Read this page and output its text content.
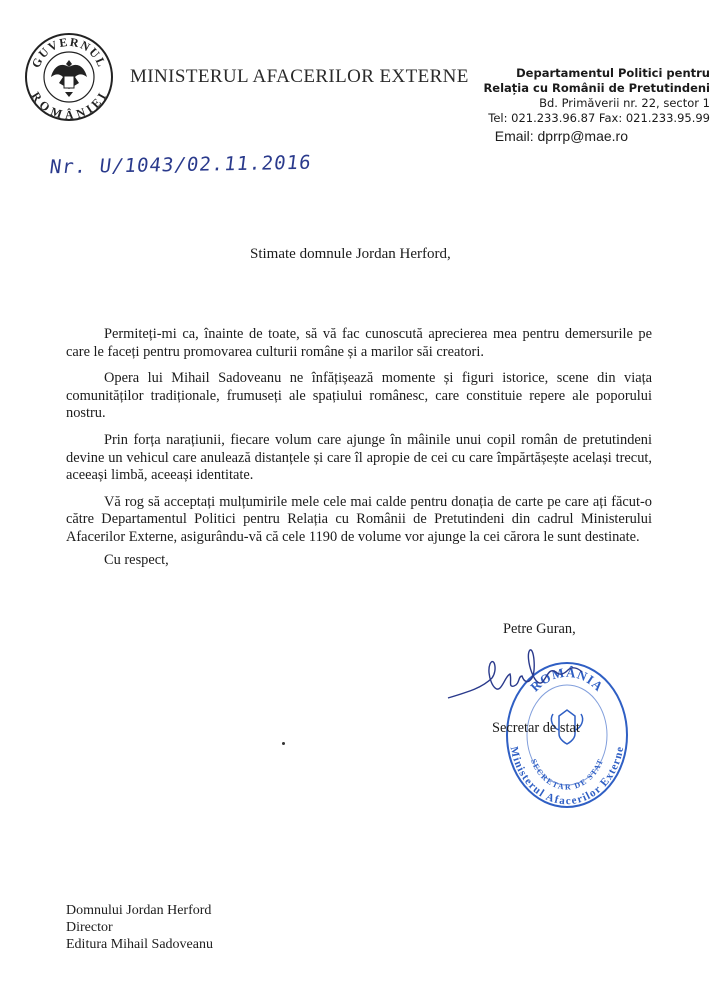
GUVERNUL
ROMÂNIEI
MINISTERUL AFACERILOR EXTERNE	Departamentul Politici pentru
Relația cu Românii de Pretutindeni
Bd. Primăverii nr. 22, sector 1
Tel: 021.233.96.87 Fax: 021.233.95.99
Email: dprrp@mae.ro
Nr. U/1043/02.11.2016
Stimate domnule Jordan Herford,

Permiteți-mi ca, înainte de toate, să vă fac cunoscută aprecierea mea pentru demersurile pe care le faceți pentru promovarea culturii române și a marilor săi creatori.

Opera lui Mihail Sadoveanu ne înfățișează momente și figuri istorice, scene din viața comunităților tradiționale, frumuseți ale spațiului românesc, care constituie repere ale poporului nostru.

Prin forța narațiunii, fiecare volum care ajunge în mâinile unui copil român de pretutindeni devine un vehicul care anulează distanțele și care îl apropie de cei cu care împărtășește același trecut, aceeași limbă, aceeași identitate.

Vă rog să acceptați mulțumirile mele cele mai calde pentru donația de carte pe care ați făcut-o către Departamentul Politici pentru Relația cu Românii de Pretutindeni din cadrul Ministerului Afacerilor Externe, asigurându-vă că cele 1190 de volume vor ajunge la cei cărora le sunt destinate.

Cu respect,
Petre Guran,
ROMÂNIA
Ministerul Afacerilor Externe
SECRETAR DE STAT
Secretar de stat
Domnului Jordan Herford
Director
Editura Mihail Sadoveanu
